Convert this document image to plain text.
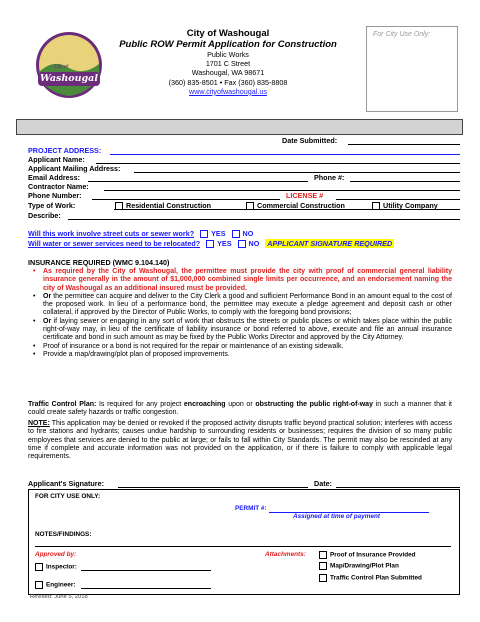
City of
Washougal
City of Washougal
Public ROW Permit Application for Construction
Public Works
1701 C Street
Washougal, WA 98671
(360) 835-8501 • Fax (360) 835-8808
www.cityofwashougal.us
For City Use Only:
Date Submitted:
PROJECT ADDRESS:
Applicant Name:
Applicant Mailing Address:
Email Address:	Phone #:
Contractor Name:
Phone Number:	LICENSE #
Type of Work:	Residential Construction	Commercial Construction	Utility Company
Describe:
Will this work involve street cuts or sewer work? YES NO
Will water or sewer services need to be relocated? YES NO APPLICANT SIGNATURE REQUIRED
INSURANCE REQUIRED (WMC 9.104.140)
• As required by the City of Washougal, the permittee must provide the city with proof of commercial general liability insurance generally in the amount of $1,000,000 combined single limits per occurrence, and an endorsement naming the city of Washougal as an additional insured must be provided.
• Or the permittee can acquire and deliver to the City Clerk a good and sufficient Performance Bond in an amount equal to the cost of the proposed work. In lieu of a performance bond, the permittee may execute a pledge agreement and deposit cash or other collateral, if approved by the Director of Public Works, to comply with the foregoing bond provisions;
• Or if laying sewer or engaging in any sort of work that obstructs the streets or public places or which takes place within the public right-of-way may, in lieu of the certificate of liability insurance or bond referred to above, execute and file an annual insurance certificate and bond in such amount as may be fixed by the Public Works Director and approved by the City Attorney.
• Proof of insurance or a bond is not required for the repair or maintenance of an existing sidewalk.
• Provide a map/drawing/plot plan of proposed improvements.
Traffic Control Plan: Is required for any project encroaching upon or obstructing the public right-of-way in such a manner that it could create safety hazards or traffic congestion.
NOTE: This application may be denied or revoked if the proposed activity disrupts traffic beyond practical solution; interferes with access to fire stations and hydrants; causes undue hardship to surrounding residents or businesses; requires the division of so many public employees that services are denied to the public at large; or fails to fall within City Standards. The permit may also be rescinded at any time if complete and accurate information was not provided on the application, or if there is failure to comply with applicable legal requirements.
Applicant's Signature:	Date:
FOR CITY USE ONLY:
PERMIT #:
Assigned at time of payment
NOTES/FINDINGS:
Approved by:
Inspector:
Engineer:
Attachments:	Proof of Insurance Provided
Map/Drawing/Plot Plan
Traffic Control Plan Submitted
Revised: June 5, 2018
